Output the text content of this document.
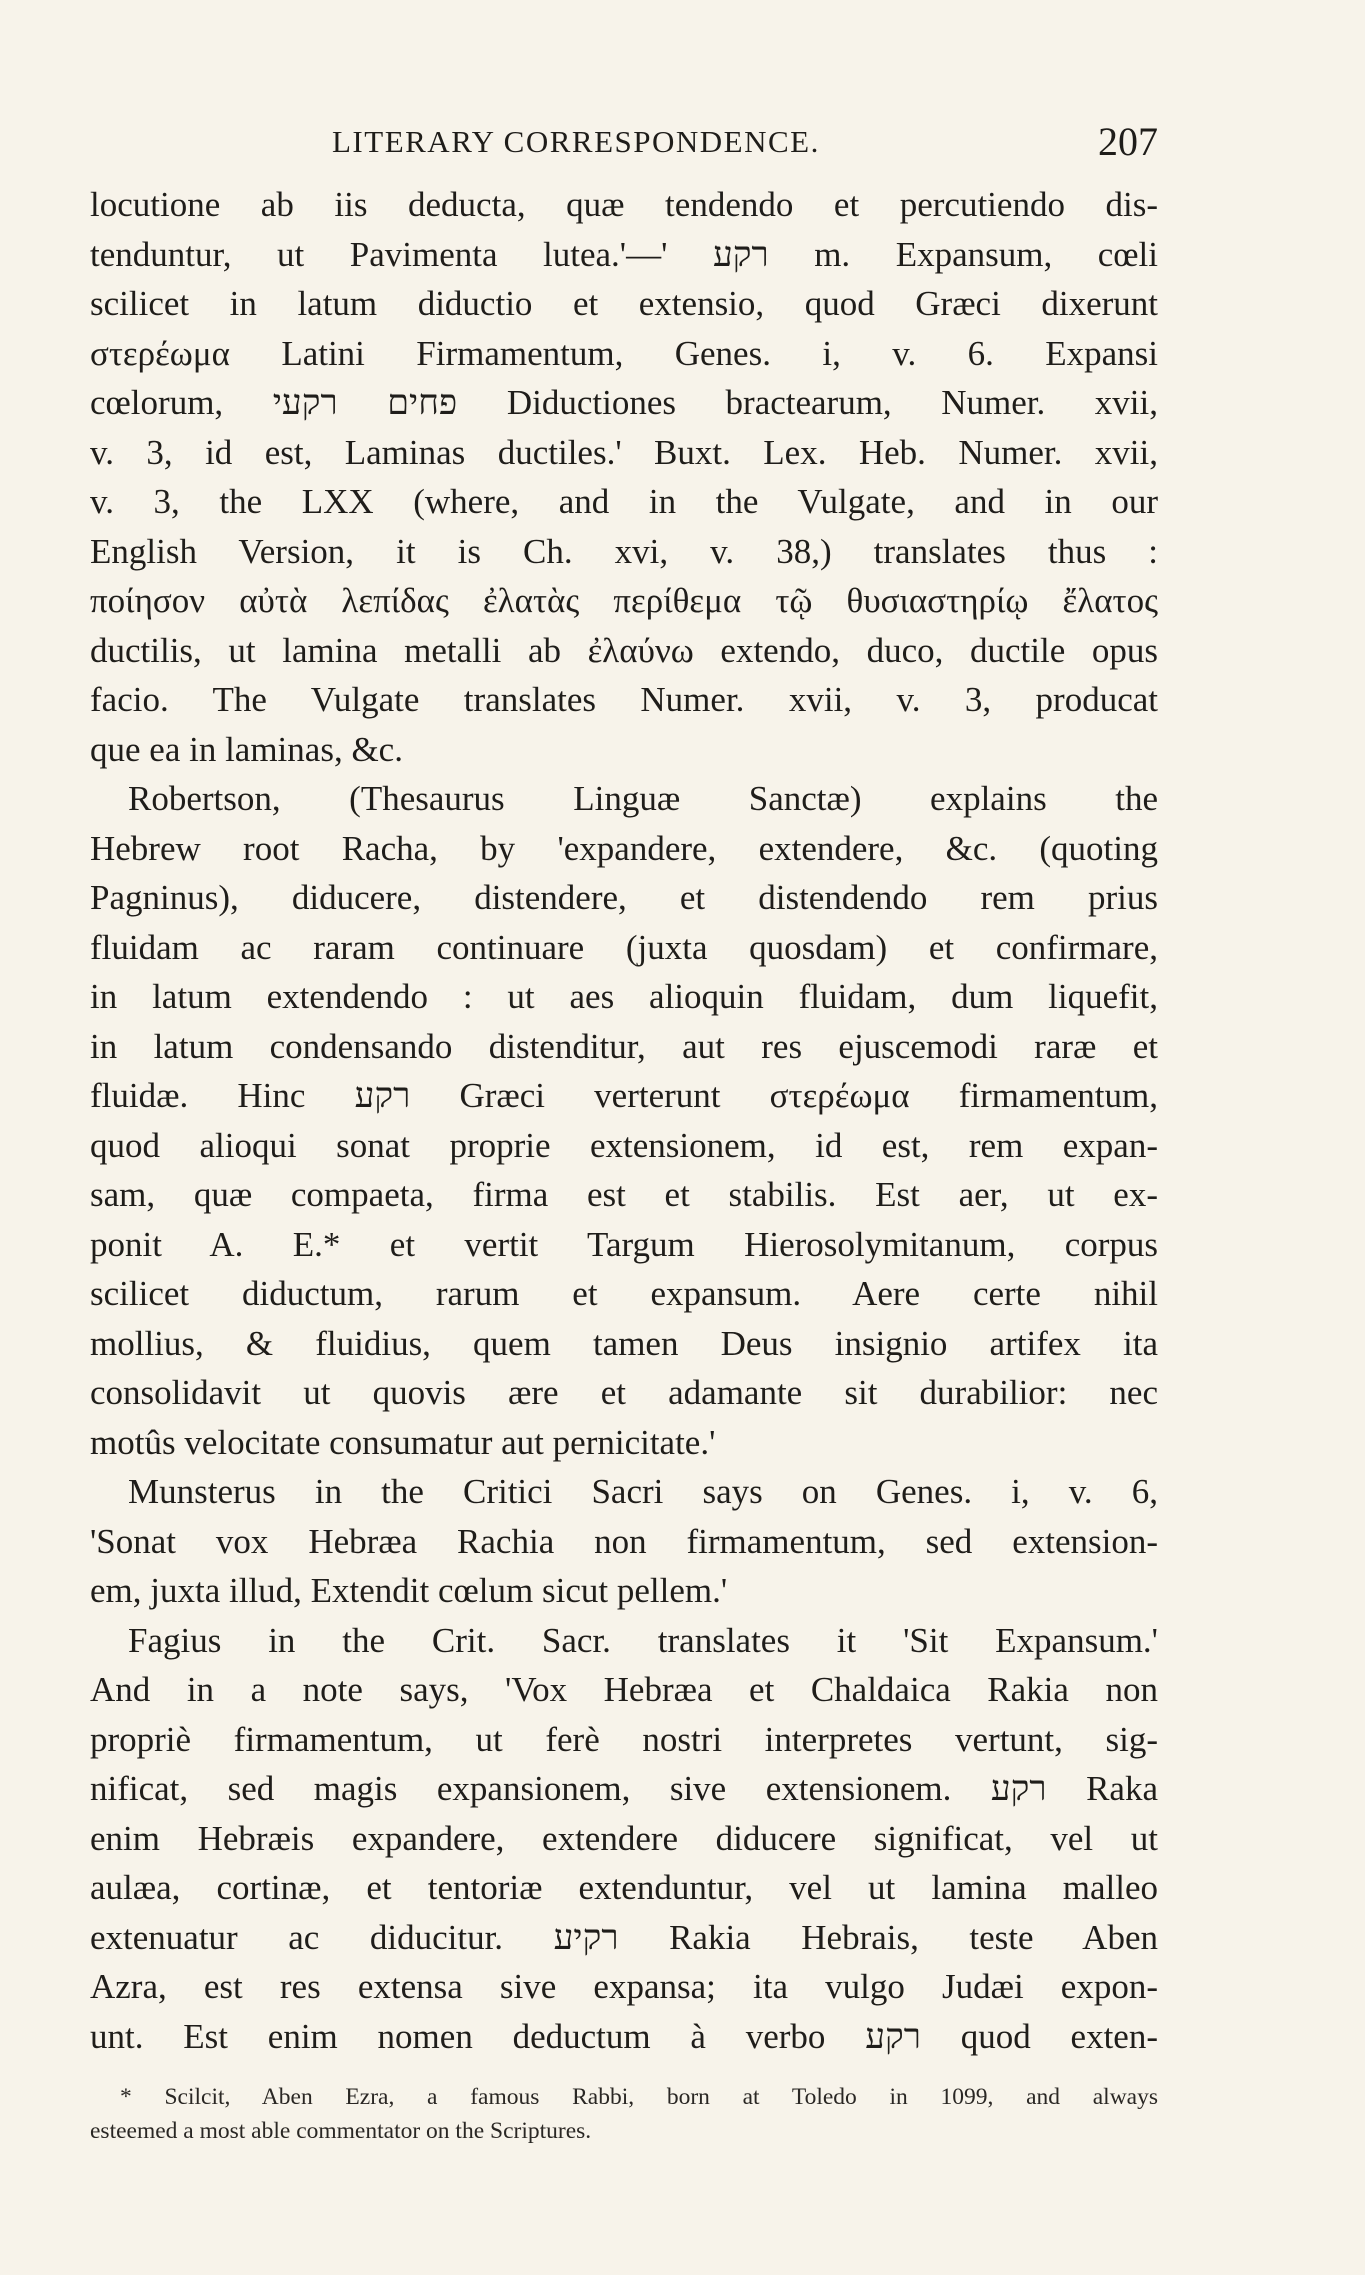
LITERARY CORRESPONDENCE.	207
locutione ab iis deducta, quæ tendendo et percutiendo dis-
tenduntur, ut Pavimenta lutea.'—' רקע m. Expansum, cœli
scilicet in latum diductio et extensio, quod Græci dixerunt
στερέωμα Latini Firmamentum, Genes. i, v. 6. Expansi
cœlorum, פחים רקעי Diductiones bractearum, Numer. xvii,
v. 3, id est, Laminas ductiles.' Buxt. Lex. Heb. Numer. xvii,
v. 3, the LXX (where, and in the Vulgate, and in our
English Version, it is Ch. xvi, v. 38,) translates thus :
ποίησον αὐτὰ λεπίδας ἐλατὰς περίθεμα τῷ θυσιαστηρίῳ ἔλατος
ductilis, ut lamina metalli ab ἐλαύνω extendo, duco, ductile opus
facio. The Vulgate translates Numer. xvii, v. 3, producat
que ea in laminas, &c.
Robertson, (Thesaurus Linguæ Sanctæ) explains the
Hebrew root Racha, by 'expandere, extendere, &c. (quoting
Pagninus), diducere, distendere, et distendendo rem prius
fluidam ac raram continuare (juxta quosdam) et confirmare,
in latum extendendo : ut aes alioquin fluidam, dum liquefit,
in latum condensando distenditur, aut res ejuscemodi raræ et
fluidæ. Hinc רקע Græci verterunt στερέωμα firmamentum,
quod alioqui sonat proprie extensionem, id est, rem expan-
sam, quæ compaeta, firma est et stabilis. Est aer, ut ex-
ponit A. E.* et vertit Targum Hierosolymitanum, corpus
scilicet diductum, rarum et expansum. Aere certe nihil
mollius, & fluidius, quem tamen Deus insignio artifex ita
consolidavit ut quovis ære et adamante sit durabilior: nec
motûs velocitate consumatur aut pernicitate.'
Munsterus in the Critici Sacri says on Genes. i, v. 6,
'Sonat vox Hebræa Rachia non firmamentum, sed extension-
em, juxta illud, Extendit cœlum sicut pellem.'
Fagius in the Crit. Sacr. translates it 'Sit Expansum.'
And in a note says, 'Vox Hebræa et Chaldaica Rakia non
propriè firmamentum, ut ferè nostri interpretes vertunt, sig-
nificat, sed magis expansionem, sive extensionem. רקע Raka
enim Hebræis expandere, extendere diducere significat, vel ut
aulæa, cortinæ, et tentoriæ extenduntur, vel ut lamina malleo
extenuatur ac diducitur. רקיע Rakia Hebrais, teste Aben
Azra, est res extensa sive expansa; ita vulgo Judæi expon-
unt. Est enim nomen deductum à verbo רקע quod exten-
* Scilcit, Aben Ezra, a famous Rabbi, born at Toledo in 1099, and always
esteemed a most able commentator on the Scriptures.
